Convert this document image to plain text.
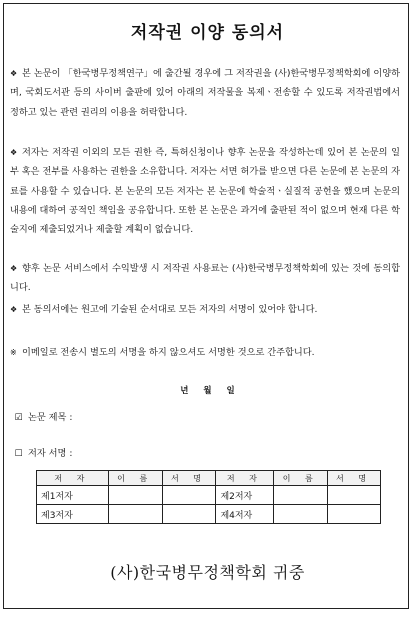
저작권 이양 동의서
❖ 본 논문이 「한국병무정책연구」에 출간될 경우에 그 저작권을 (사)한국병무정책학회에 이양하며, 국회도서관 등의 사이버 출판에 있어 아래의 저작물을 복제ㆍ전송할 수 있도록 저작권법에서 정하고 있는 관련 권리의 이용을 허락합니다.
❖ 저자는 저작권 이외의 모든 권한 즉, 특허신청이나 향후 논문을 작성하는데 있어 본 논문의 일부 혹은 전부를 사용하는 권한을 소유합니다. 저자는 서면 허가를 받으면 다른 논문에 본 논문의 자료를 사용할 수 있습니다. 본 논문의 모든 저자는 본 논문에 학술적ㆍ실질적 공헌을 했으며 논문의 내용에 대하여 공적인 책임을 공유합니다. 또한 본 논문은 과거에 출판된 적이 없으며 현재 다른 학술지에 제출되었거나 제출할 계획이 없습니다.
❖ 향후 논문 서비스에서 수익발생 시 저작권 사용료는 (사)한국병무정책학회에 있는 것에 동의합니다.
❖ 본 동의서에는 원고에 기술된 순서대로 모든 저자의 서명이 있어야 합니다.
※ 이메일로 전송시 별도의 서명을 하지 않으셔도 서명한 것으로 간주합니다.
년 월 일
☑ 논문 제목 :
☐ 저자 서명 :
저 자	이 름	서 명	저 자	이 름	서 명
제1저자			제2저자		
제3저자			제4저자		
(사)한국병무정책학회 귀중
